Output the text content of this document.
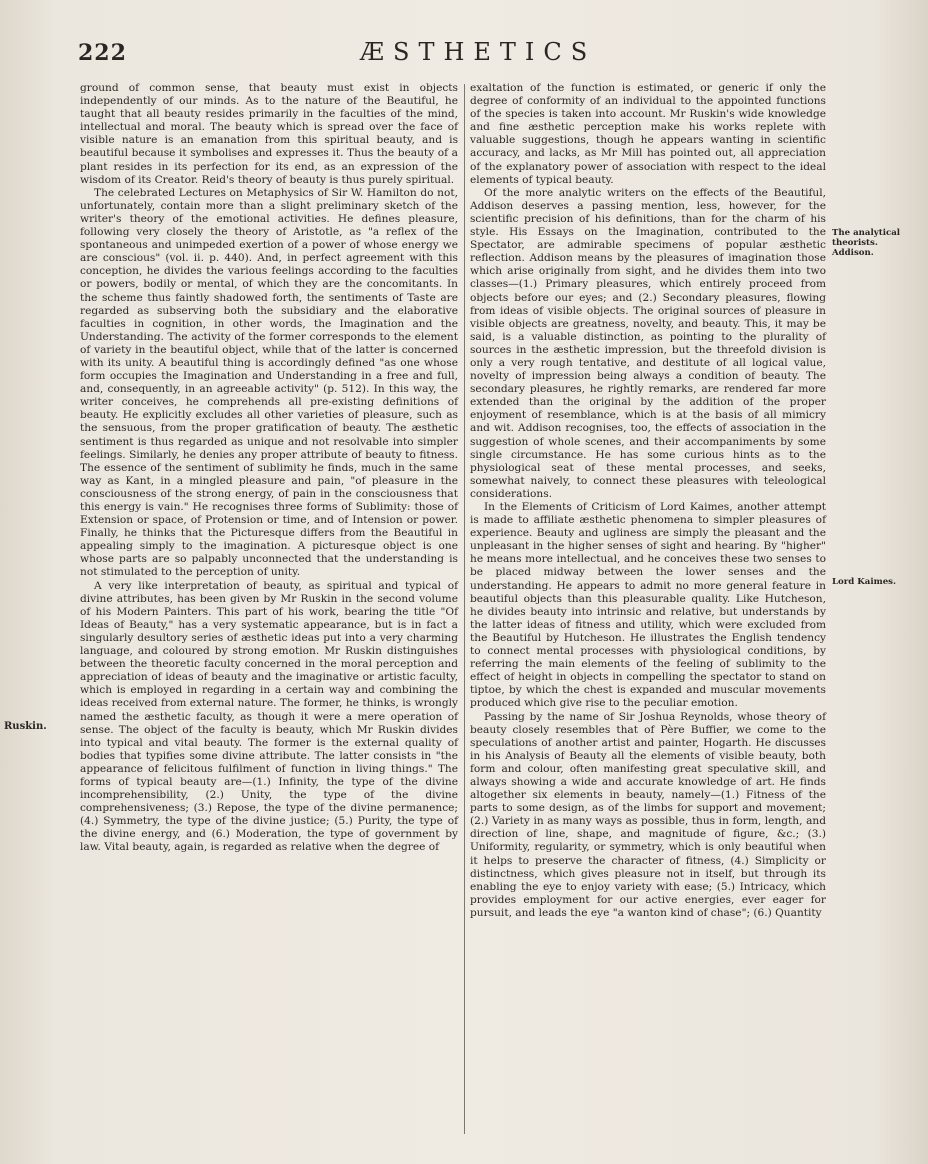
222	ÆSTHETICS

ground of common sense, that beauty must exist in objects independently of our minds. As to the nature of the Beautiful, he taught that all beauty resides primarily in the faculties of the mind, intellectual and moral. The beauty which is spread over the face of visible nature is an emanation from this spiritual beauty, and is beautiful because it symbolises and expresses it. Thus the beauty of a plant resides in its perfection for its end, as an expression of the wisdom of its Creator. Reid's theory of beauty is thus purely spiritual.

The celebrated Lectures on Metaphysics of Sir W. Hamilton do not, unfortunately, contain more than a slight preliminary sketch of the writer's theory of the emotional activities. He defines pleasure, following very closely the theory of Aristotle, as "a reflex of the spontaneous and unimpeded exertion of a power of whose energy we are conscious" (vol. ii. p. 440). And, in perfect agreement with this conception, he divides the various feelings according to the faculties or powers, bodily or mental, of which they are the concomitants. In the scheme thus faintly shadowed forth, the sentiments of Taste are regarded as subserving both the subsidiary and the elaborative faculties in cognition, in other words, the Imagination and the Understanding. The activity of the former corresponds to the element of variety in the beautiful object, while that of the latter is concerned with its unity. A beautiful thing is accordingly defined "as one whose form occupies the Imagination and Understanding in a free and full, and, consequently, in an agreeable activity" (p. 512). In this way, the writer conceives, he comprehends all pre-existing definitions of beauty. He explicitly excludes all other varieties of pleasure, such as the sensuous, from the proper gratification of beauty. The æsthetic sentiment is thus regarded as unique and not resolvable into simpler feelings. Similarly, he denies any proper attribute of beauty to fitness. The essence of the sentiment of sublimity he finds, much in the same way as Kant, in a mingled pleasure and pain, "of pleasure in the consciousness of the strong energy, of pain in the consciousness that this energy is vain." He recognises three forms of Sublimity: those of Extension or space, of Protension or time, and of Intension or power. Finally, he thinks that the Picturesque differs from the Beautiful in appealing simply to the imagination. A picturesque object is one whose parts are so palpably unconnected that the understanding is not stimulated to the perception of unity.

A very like interpretation of beauty, as spiritual and typical of divine attributes, has been given by Mr Ruskin in the second volume of his Modern Painters. This part of his work, bearing the title "Of Ideas of Beauty," has a very systematic appearance, but is in fact a singularly desultory series of æsthetic ideas put into a very charming language, and coloured by strong emotion. Mr Ruskin distinguishes between the theoretic faculty concerned in the moral perception and appreciation of ideas of beauty and the imaginative or artistic faculty, which is employed in regarding in a certain way and combining the ideas received from external nature. The former, he thinks, is wrongly named the æsthetic faculty, as though it were a mere operation of sense. The object of the faculty is beauty, which Mr Ruskin divides into typical and vital beauty. The former is the external quality of bodies that typifies some divine attribute. The latter consists in "the appearance of felicitous fulfilment of function in living things." The forms of typical beauty are—(1.) Infinity, the type of the divine incomprehensibility, (2.) Unity, the type of the divine comprehensiveness; (3.) Repose, the type of the divine permanence; (4.) Symmetry, the type of the divine justice; (5.) Purity, the type of the divine energy, and (6.) Moderation, the type of government by law. Vital beauty, again, is regarded as relative when the degree of

exaltation of the function is estimated, or generic if only the degree of conformity of an individual to the appointed functions of the species is taken into account. Mr Ruskin's wide knowledge and fine æsthetic perception make his works replete with valuable suggestions, though he appears wanting in scientific accuracy, and lacks, as Mr Mill has pointed out, all appreciation of the explanatory power of association with respect to the ideal elements of typical beauty.

Of the more analytic writers on the effects of the Beautiful, Addison deserves a passing mention, less, however, for the scientific precision of his definitions, than for the charm of his style. His Essays on the Imagination, contributed to the Spectator, are admirable specimens of popular æsthetic reflection. Addison means by the pleasures of imagination those which arise originally from sight, and he divides them into two classes—(1.) Primary pleasures, which entirely proceed from objects before our eyes; and (2.) Secondary pleasures, flowing from ideas of visible objects. The original sources of pleasure in visible objects are greatness, novelty, and beauty. This, it may be said, is a valuable distinction, as pointing to the plurality of sources in the æsthetic impression, but the threefold division is only a very rough tentative, and destitute of all logical value, novelty of impression being always a condition of beauty. The secondary pleasures, he rightly remarks, are rendered far more extended than the original by the addition of the proper enjoyment of resemblance, which is at the basis of all mimicry and wit. Addison recognises, too, the effects of association in the suggestion of whole scenes, and their accompaniments by some single circumstance. He has some curious hints as to the physiological seat of these mental processes, and seeks, somewhat naively, to connect these pleasures with teleological considerations.

In the Elements of Criticism of Lord Kaimes, another attempt is made to affiliate æsthetic phenomena to simpler pleasures of experience. Beauty and ugliness are simply the pleasant and the unpleasant in the higher senses of sight and hearing. By "higher" he means more intellectual, and he conceives these two senses to be placed midway between the lower senses and the understanding. He appears to admit no more general feature in beautiful objects than this pleasurable quality. Like Hutcheson, he divides beauty into intrinsic and relative, but understands by the latter ideas of fitness and utility, which were excluded from the Beautiful by Hutcheson. He illustrates the English tendency to connect mental processes with physiological conditions, by referring the main elements of the feeling of sublimity to the effect of height in objects in compelling the spectator to stand on tiptoe, by which the chest is expanded and muscular movements produced which give rise to the peculiar emotion.

Passing by the name of Sir Joshua Reynolds, whose theory of beauty closely resembles that of Père Buffier, we come to the speculations of another artist and painter, Hogarth. He discusses in his Analysis of Beauty all the elements of visible beauty, both form and colour, often manifesting great speculative skill, and always showing a wide and accurate knowledge of art. He finds altogether six elements in beauty, namely—(1.) Fitness of the parts to some design, as of the limbs for support and movement; (2.) Variety in as many ways as possible, thus in form, length, and direction of line, shape, and magnitude of figure, &c.; (3.) Uniformity, regularity, or symmetry, which is only beautiful when it helps to preserve the character of fitness, (4.) Simplicity or distinctness, which gives pleasure not in itself, but through its enabling the eye to enjoy variety with ease; (5.) Intricacy, which provides employment for our active energies, ever eager for pursuit, and leads the eye "a wanton kind of chase"; (6.) Quantity

Ruskin.
The analytical theorists. Addison.
Lord Kaimes.
